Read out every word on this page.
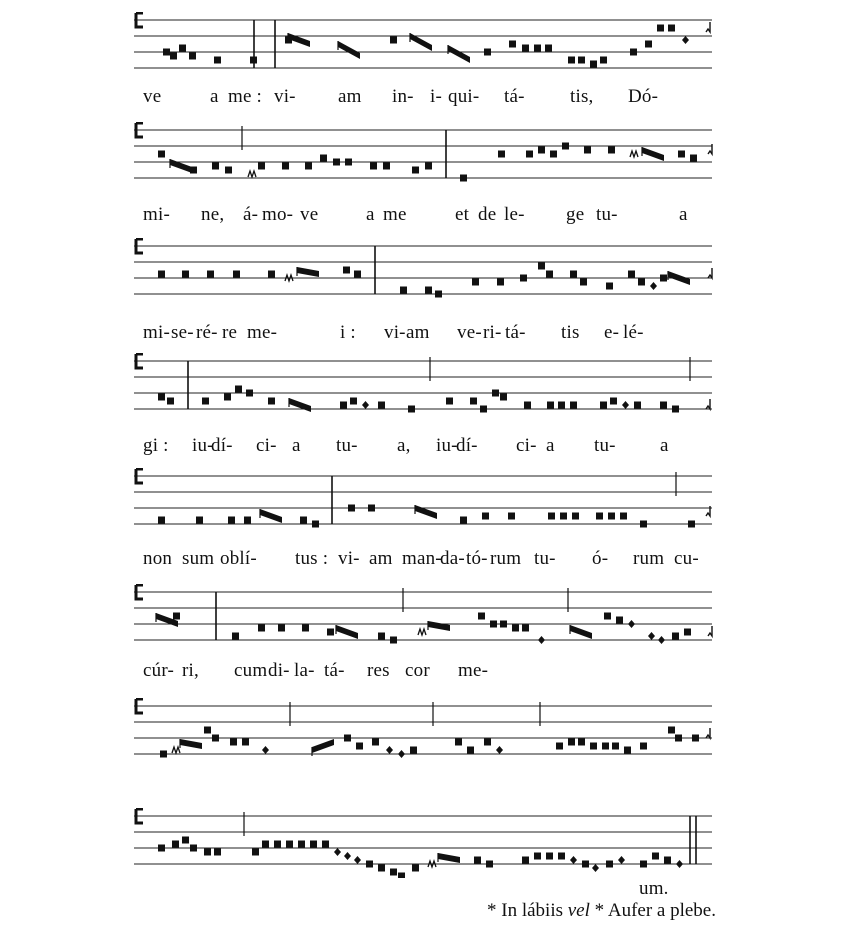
ve	a me : vi- am in- i- qui- tá- tis, Dó-
mi- ne, á- mo- ve	a me	et de le- ge tu-	a
mi- se- ré- re me-	i : vi- am ve- ri- tá- tis e- lé-
gi : iu-
dí- ci- a tu- a, iu-
dí- ci- a tu- a
non sum oblí- tus : vi- am man-
da- tó- rum tu- ó- rum cu-
cúr- ri, cum di- la- tá- res cor me-
um.
* In lábiis vel * Aufer a plebe.
